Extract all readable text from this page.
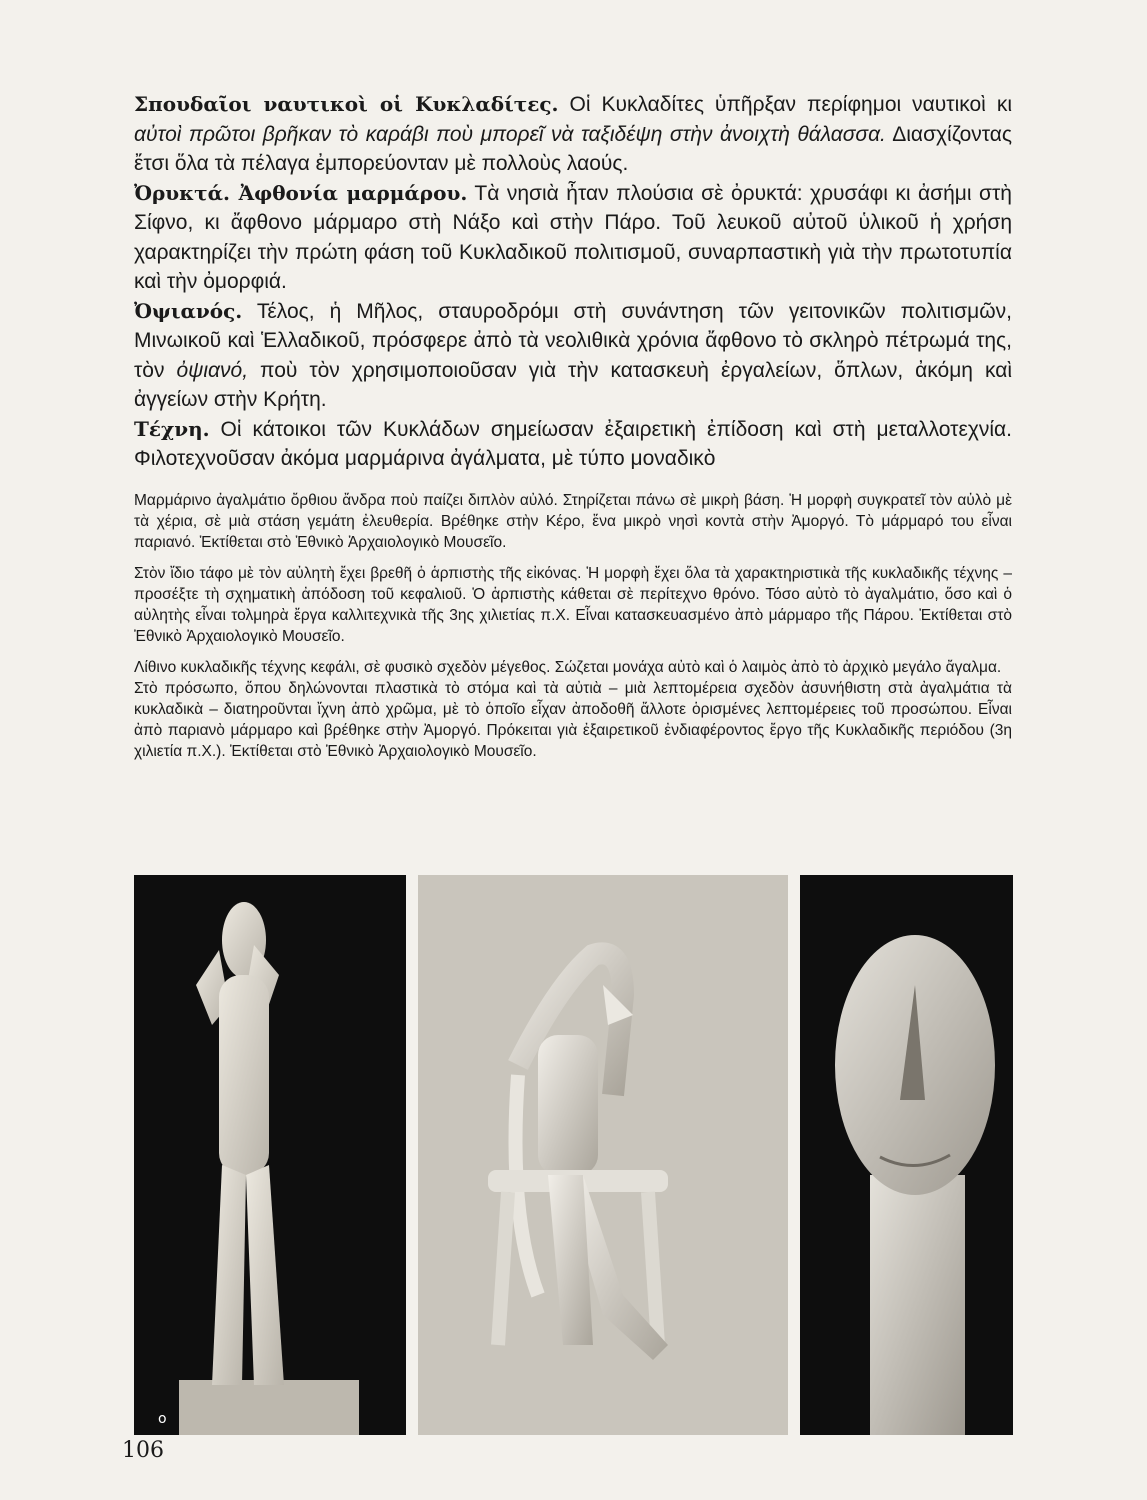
Σπουδαῖοι ναυτικοὶ οἱ Κυκλαδίτες. Οἱ Κυκλαδίτες ὑπῆρξαν περίφημοι ναυτικοὶ κι αὐτοὶ πρῶτοι βρῆκαν τὸ καράβι ποὺ μπορεῖ νὰ ταξιδέψη στὴν ἀνοιχτὴ θάλασσα. Διασχίζοντας ἔτσι ὅλα τὰ πέλαγα ἐμπορεύονταν μὲ πολλοὺς λαούς.

Ὀρυκτά. Ἀφθονία μαρμάρου. Τὰ νησιὰ ἦταν πλούσια σὲ ὀρυκτά: χρυσάφι κι ἀσήμι στὴ Σίφνο, κι ἄφθονο μάρμαρο στὴ Νάξο καὶ στὴν Πάρο. Τοῦ λευκοῦ αὐτοῦ ὑλικοῦ ἡ χρήση χαρακτηρίζει τὴν πρώτη φάση τοῦ Κυκλαδικοῦ πολιτισμοῦ, συναρπαστικὴ γιὰ τὴν πρωτοτυπία καὶ τὴν ὀμορφιά.

Ὀψιανός. Τέλος, ἡ Μῆλος, σταυροδρόμι στὴ συνάντηση τῶν γειτονικῶν πολιτισμῶν, Μινωικοῦ καὶ Ἑλλαδικοῦ, πρόσφερε ἀπὸ τὰ νεολιθικὰ χρόνια ἄφθονο τὸ σκληρὸ πέτρωμά της, τὸν ὀψιανό, ποὺ τὸν χρησιμοποιοῦσαν γιὰ τὴν κατασκευὴ ἐργαλείων, ὅπλων, ἀκόμη καὶ ἀγγείων στὴν Κρήτη.

Τέχνη. Οἱ κάτοικοι τῶν Κυκλάδων σημείωσαν ἐξαιρετικὴ ἐπίδοση καὶ στὴ μεταλλοτεχνία. Φιλοτεχνοῦσαν ἀκόμα μαρμάρινα ἀγάλματα, μὲ τύπο μοναδικὸ

Μαρμάρινο ἀγαλμάτιο ὄρθιου ἄνδρα ποὺ παίζει διπλὸν αὐλό. Στηρίζεται πάνω σὲ μικρὴ βάση. Ἡ μορφὴ συγκρατεῖ τὸν αὐλὸ μὲ τὰ χέρια, σὲ μιὰ στάση γεμάτη ἐλευθερία. Βρέθηκε στὴν Κέρο, ἕνα μικρὸ νησὶ κοντὰ στὴν Ἀμοργό. Τὸ μάρμαρό του εἶναι παριανό. Ἐκτίθεται στὸ Ἐθνικὸ Ἀρχαιολογικὸ Μουσεῖο.

Στὸν ἴδιο τάφο μὲ τὸν αὐλητὴ ἔχει βρεθῆ ὁ ἁρπιστὴς τῆς εἰκόνας. Ἡ μορφὴ ἔχει ὅλα τὰ χαρακτηριστικὰ τῆς κυκλαδικῆς τέχνης – προσέξτε τὴ σχηματικὴ ἀπόδοση τοῦ κεφαλιοῦ. Ὁ ἁρπιστὴς κάθεται σὲ περίτεχνο θρόνο. Τόσο αὐτὸ τὸ ἀγαλμάτιο, ὅσο καὶ ὁ αὐλητὴς εἶναι τολμηρὰ ἔργα καλλιτεχνικὰ τῆς 3ης χιλιετίας π.Χ. Εἶναι κατασκευασμένο ἀπὸ μάρμαρο τῆς Πάρου. Ἐκτίθεται στὸ Ἐθνικὸ Ἀρχαιολογικὸ Μουσεῖο.

Λίθινο κυκλαδικῆς τέχνης κεφάλι, σὲ φυσικὸ σχεδὸν μέγεθος. Σώζεται μονάχα αὐτὸ καὶ ὁ λαιμὸς ἀπὸ τὸ ἀρχικὸ μεγάλο ἄγαλμα.

Στὸ πρόσωπο, ὅπου δηλώνονται πλαστικὰ τὸ στόμα καὶ τὰ αὐτιὰ – μιὰ λεπτομέρεια σχεδὸν ἀσυνήθιστη στὰ ἀγαλμάτια τὰ κυκλαδικὰ – διατηροῦνται ἴχνη ἀπὸ χρῶμα, μὲ τὸ ὁποῖο εἶχαν ἀποδοθῆ ἄλλοτε ὁρισμένες λεπτομέρειες τοῦ προσώπου. Εἶναι ἀπὸ παριανὸ μάρμαρο καὶ βρέθηκε στὴν Ἀμοργό. Πρόκειται γιὰ ἐξαιρετικοῦ ἐνδιαφέροντος ἔργο τῆς Κυκλαδικῆς περιόδου (3η χιλιετία π.Χ.). Ἐκτίθεται στὸ Ἐθνικὸ Ἀρχαιολογικὸ Μουσεῖο.

o
106
